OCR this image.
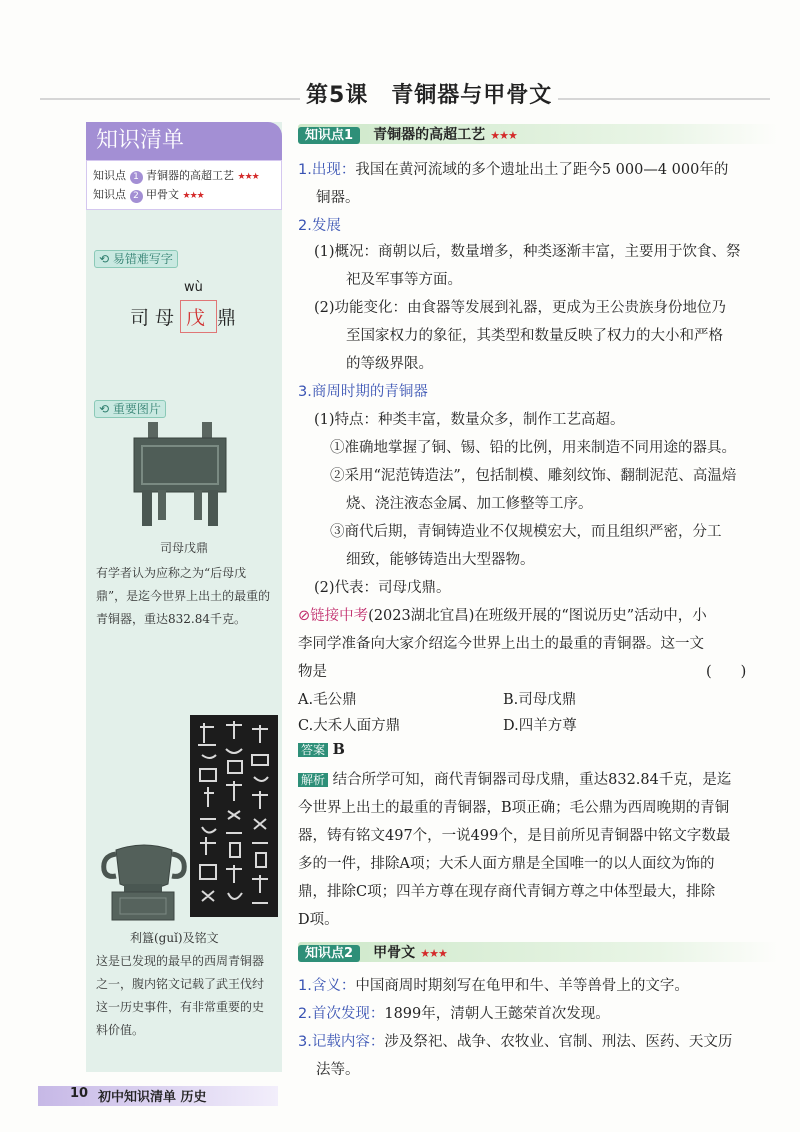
第5课　青铜器与甲骨文
知识清单
知识点 1 青铜器的高超工艺 ★★★
知识点 2 甲骨文 ★★★
⟲ 易错难写字
wù
司母 戊 鼎
⟲ 重要图片
司母戊鼎
有学者认为应称之为“后母戊鼎”，是迄今世界上出土的最重的青铜器，重达832.84千克。
利簋(guǐ)及铭文
这是已发现的最早的西周青铜器之一，腹内铭文记载了武王伐纣这一历史事件，有非常重要的史料价值。
知识点1 青铜器的高超工艺 ★★★
1.出现：我国在黄河流域的多个遗址出土了距今5 000—4 000年的
铜器。
2.发展
(1)概况：商朝以后，数量增多，种类逐渐丰富，主要用于饮食、祭
祀及军事等方面。
(2)功能变化：由食器等发展到礼器，更成为王公贵族身份地位乃
至国家权力的象征，其类型和数量反映了权力的大小和严格
的等级界限。
3.商周时期的青铜器
(1)特点：种类丰富，数量众多，制作工艺高超。
①准确地掌握了铜、锡、铅的比例，用来制造不同用途的器具。
②采用“泥范铸造法”，包括制模、雕刻纹饰、翻制泥范、高温焙
烧、浇注液态金属、加工修整等工序。
③商代后期，青铜铸造业不仅规模宏大，而且组织严密，分工
细致，能够铸造出大型器物。
(2)代表：司母戊鼎。
⊘链接中考(2023湖北宜昌)在班级开展的“图说历史”活动中，小
李同学准备向大家介绍迄今世界上出土的最重的青铜器。这一文
物是	(　　)
A.毛公鼎	B.司母戊鼎
C.大禾人面方鼎	D.四羊方尊
答案 B
解析 结合所学可知，商代青铜器司母戊鼎，重达832.84千克，是迄
今世界上出土的最重的青铜器，B项正确；毛公鼎为西周晚期的青铜
器，铸有铭文497个，一说499个，是目前所见青铜器中铭文字数最
多的一件，排除A项；大禾人面方鼎是全国唯一的以人面纹为饰的
鼎，排除C项；四羊方尊在现存商代青铜方尊之中体型最大，排除
D项。
知识点2 甲骨文 ★★★
1.含义：中国商周时期刻写在龟甲和牛、羊等兽骨上的文字。
2.首次发现：1899年，清朝人王懿荣首次发现。
3.记载内容：涉及祭祀、战争、农牧业、官制、刑法、医药、天文历
法等。
10 初中知识清单 历史
